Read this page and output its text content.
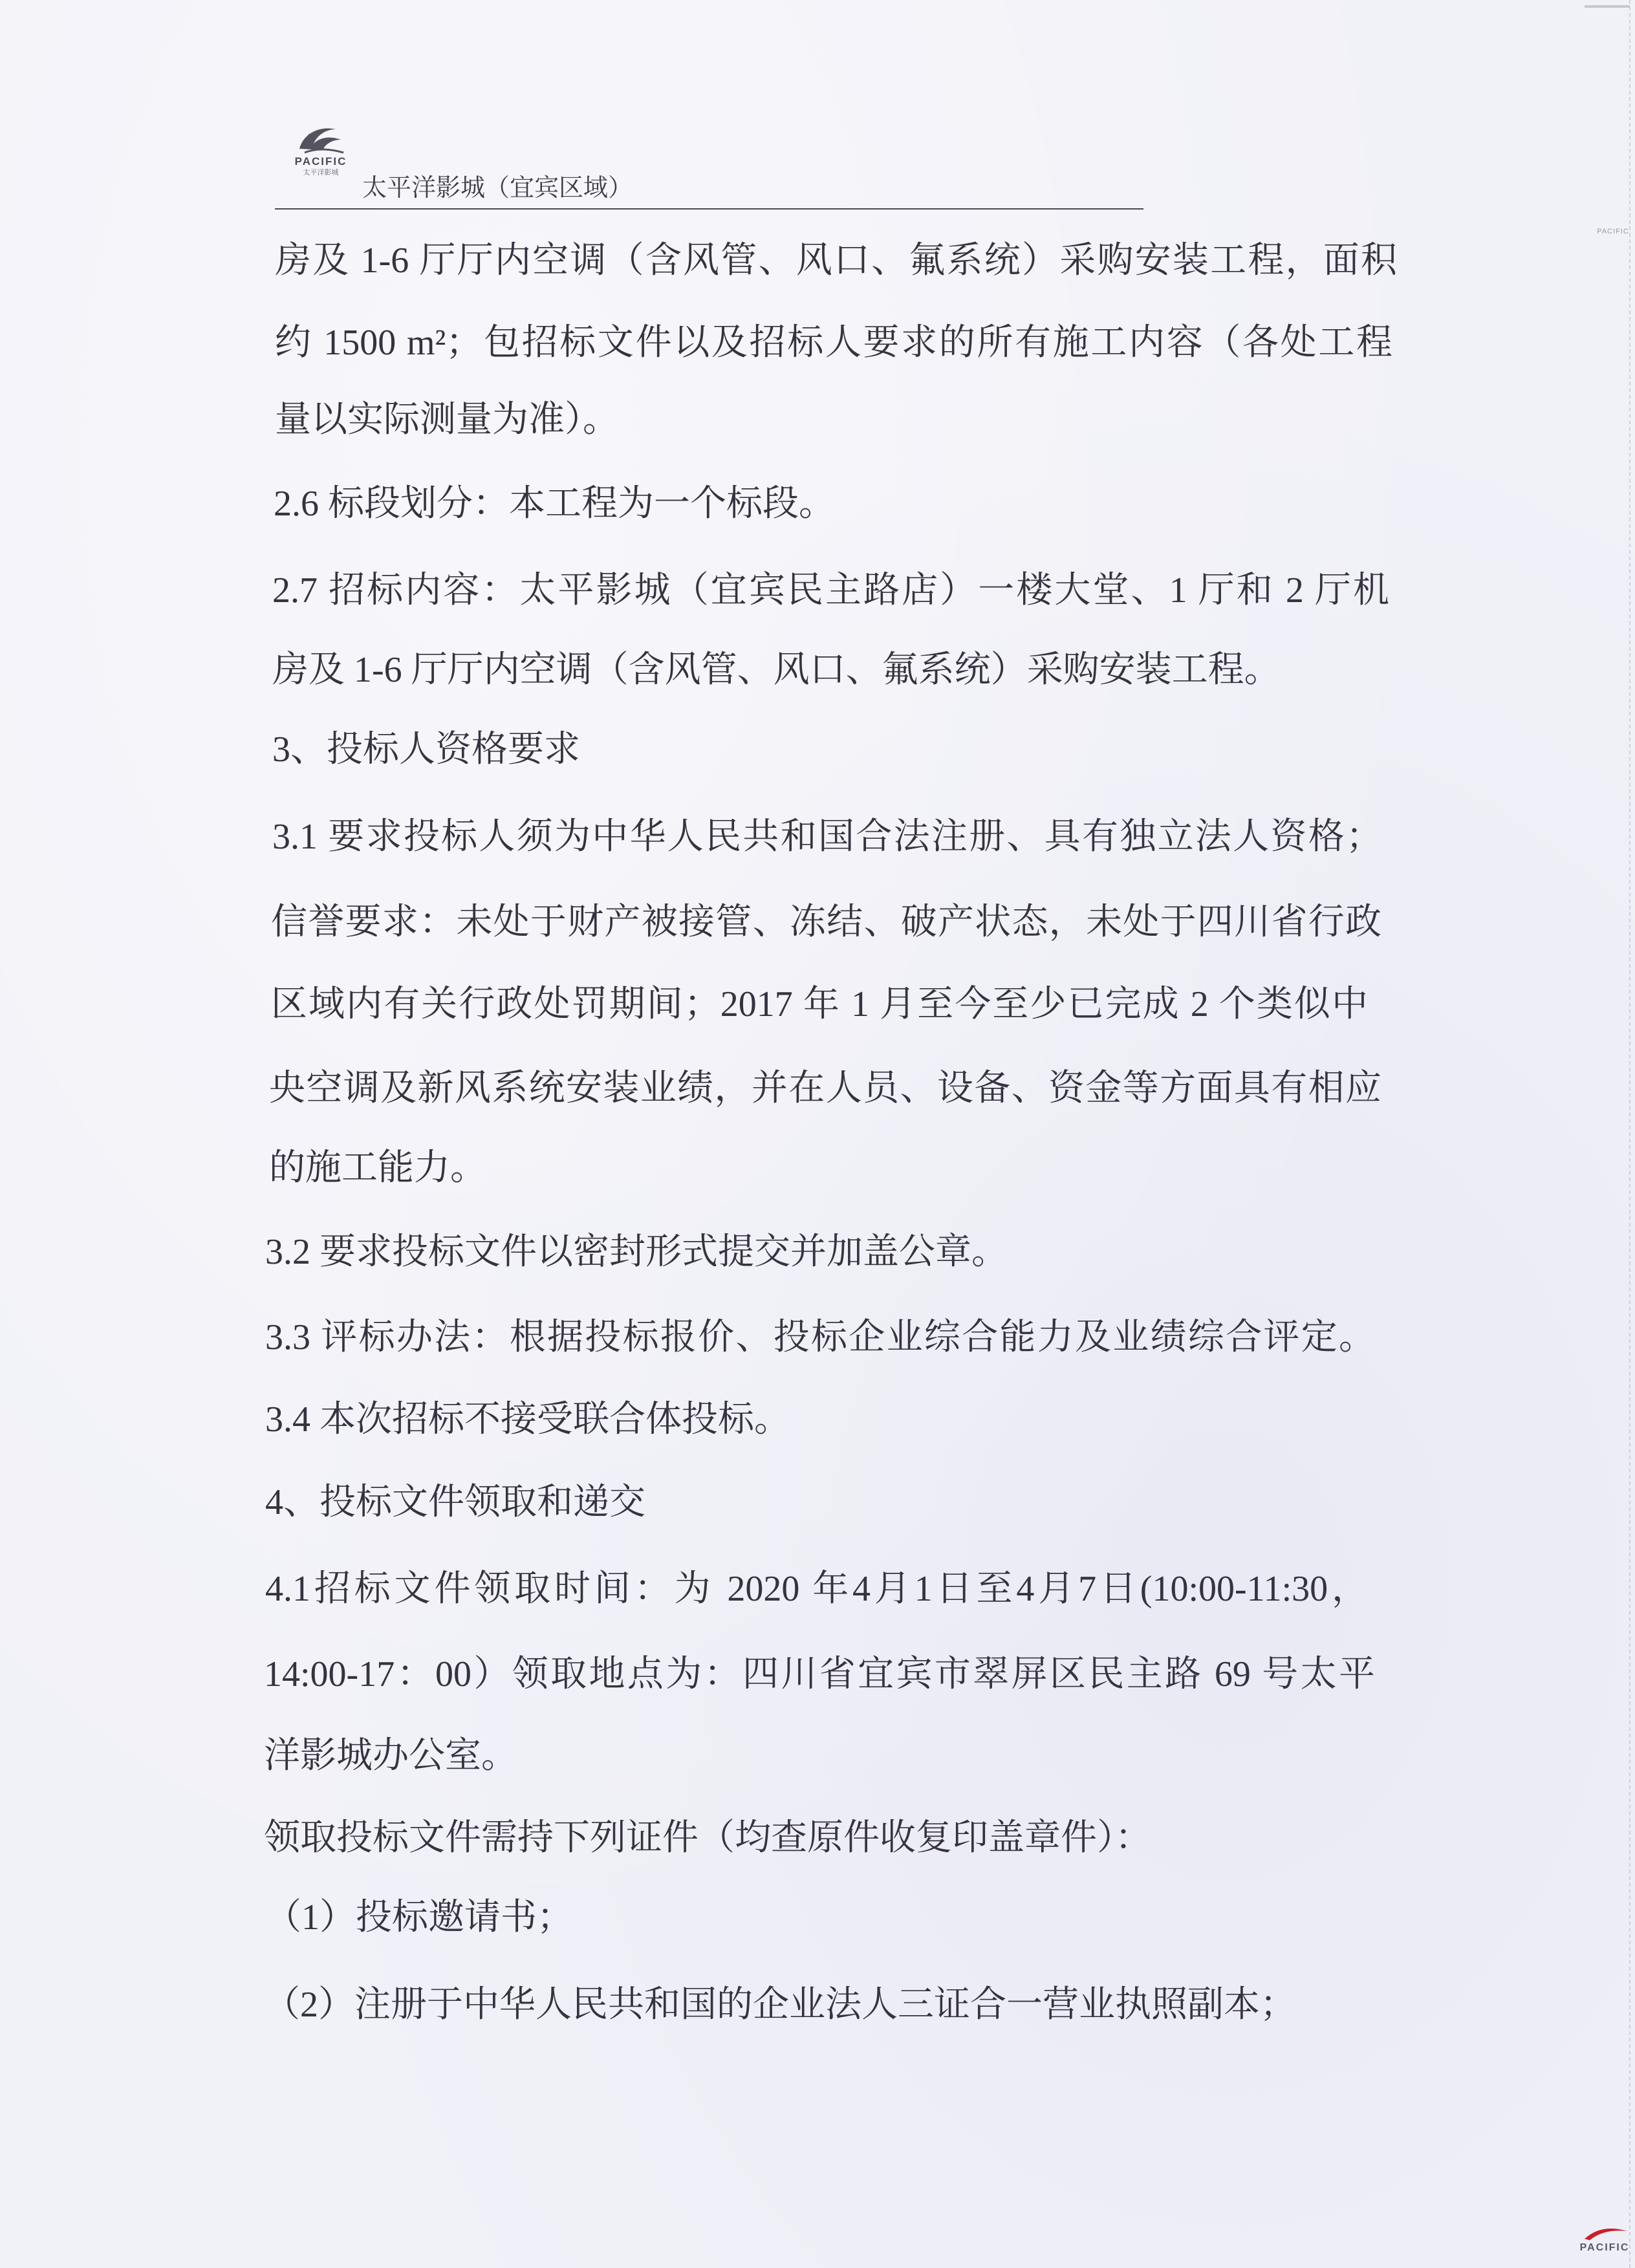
PACIFIC
太平洋影城
太平洋影城（宜宾区域）
PACIFIC
房及 1-6 厅厅内空调（含风管、风口、氟系统）采购安装工程，面积
约 1500 m²；包招标文件以及招标人要求的所有施工内容（各处工程
量以实际测量为准）。
2.6 标段划分：本工程为一个标段。
2.7 招标内容：太平影城（宜宾民主路店）一楼大堂、1 厅和 2 厅机
房及 1-6 厅厅内空调（含风管、风口、氟系统）采购安装工程。
3、投标人资格要求
3.1 要求投标人须为中华人民共和国合法注册、具有独立法人资格；
信誉要求：未处于财产被接管、冻结、破产状态，未处于四川省行政
区域内有关行政处罚期间；2017 年 1 月至今至少已完成 2 个类似中
央空调及新风系统安装业绩，并在人员、设备、资金等方面具有相应
的施工能力。
3.2 要求投标文件以密封形式提交并加盖公章。
3.3 评标办法：根据投标报价、投标企业综合能力及业绩综合评定。
3.4 本次招标不接受联合体投标。
4、投标文件领取和递交
4.1招标文件领取时间：为 2020 年4月1日至4月7日(10:00-11:30，
14:00-17：00）领取地点为：四川省宜宾市翠屏区民主路 69 号太平
洋影城办公室。
领取投标文件需持下列证件（均查原件收复印盖章件）：
（1）投标邀请书；
（2）注册于中华人民共和国的企业法人三证合一营业执照副本；
PACIFIC
